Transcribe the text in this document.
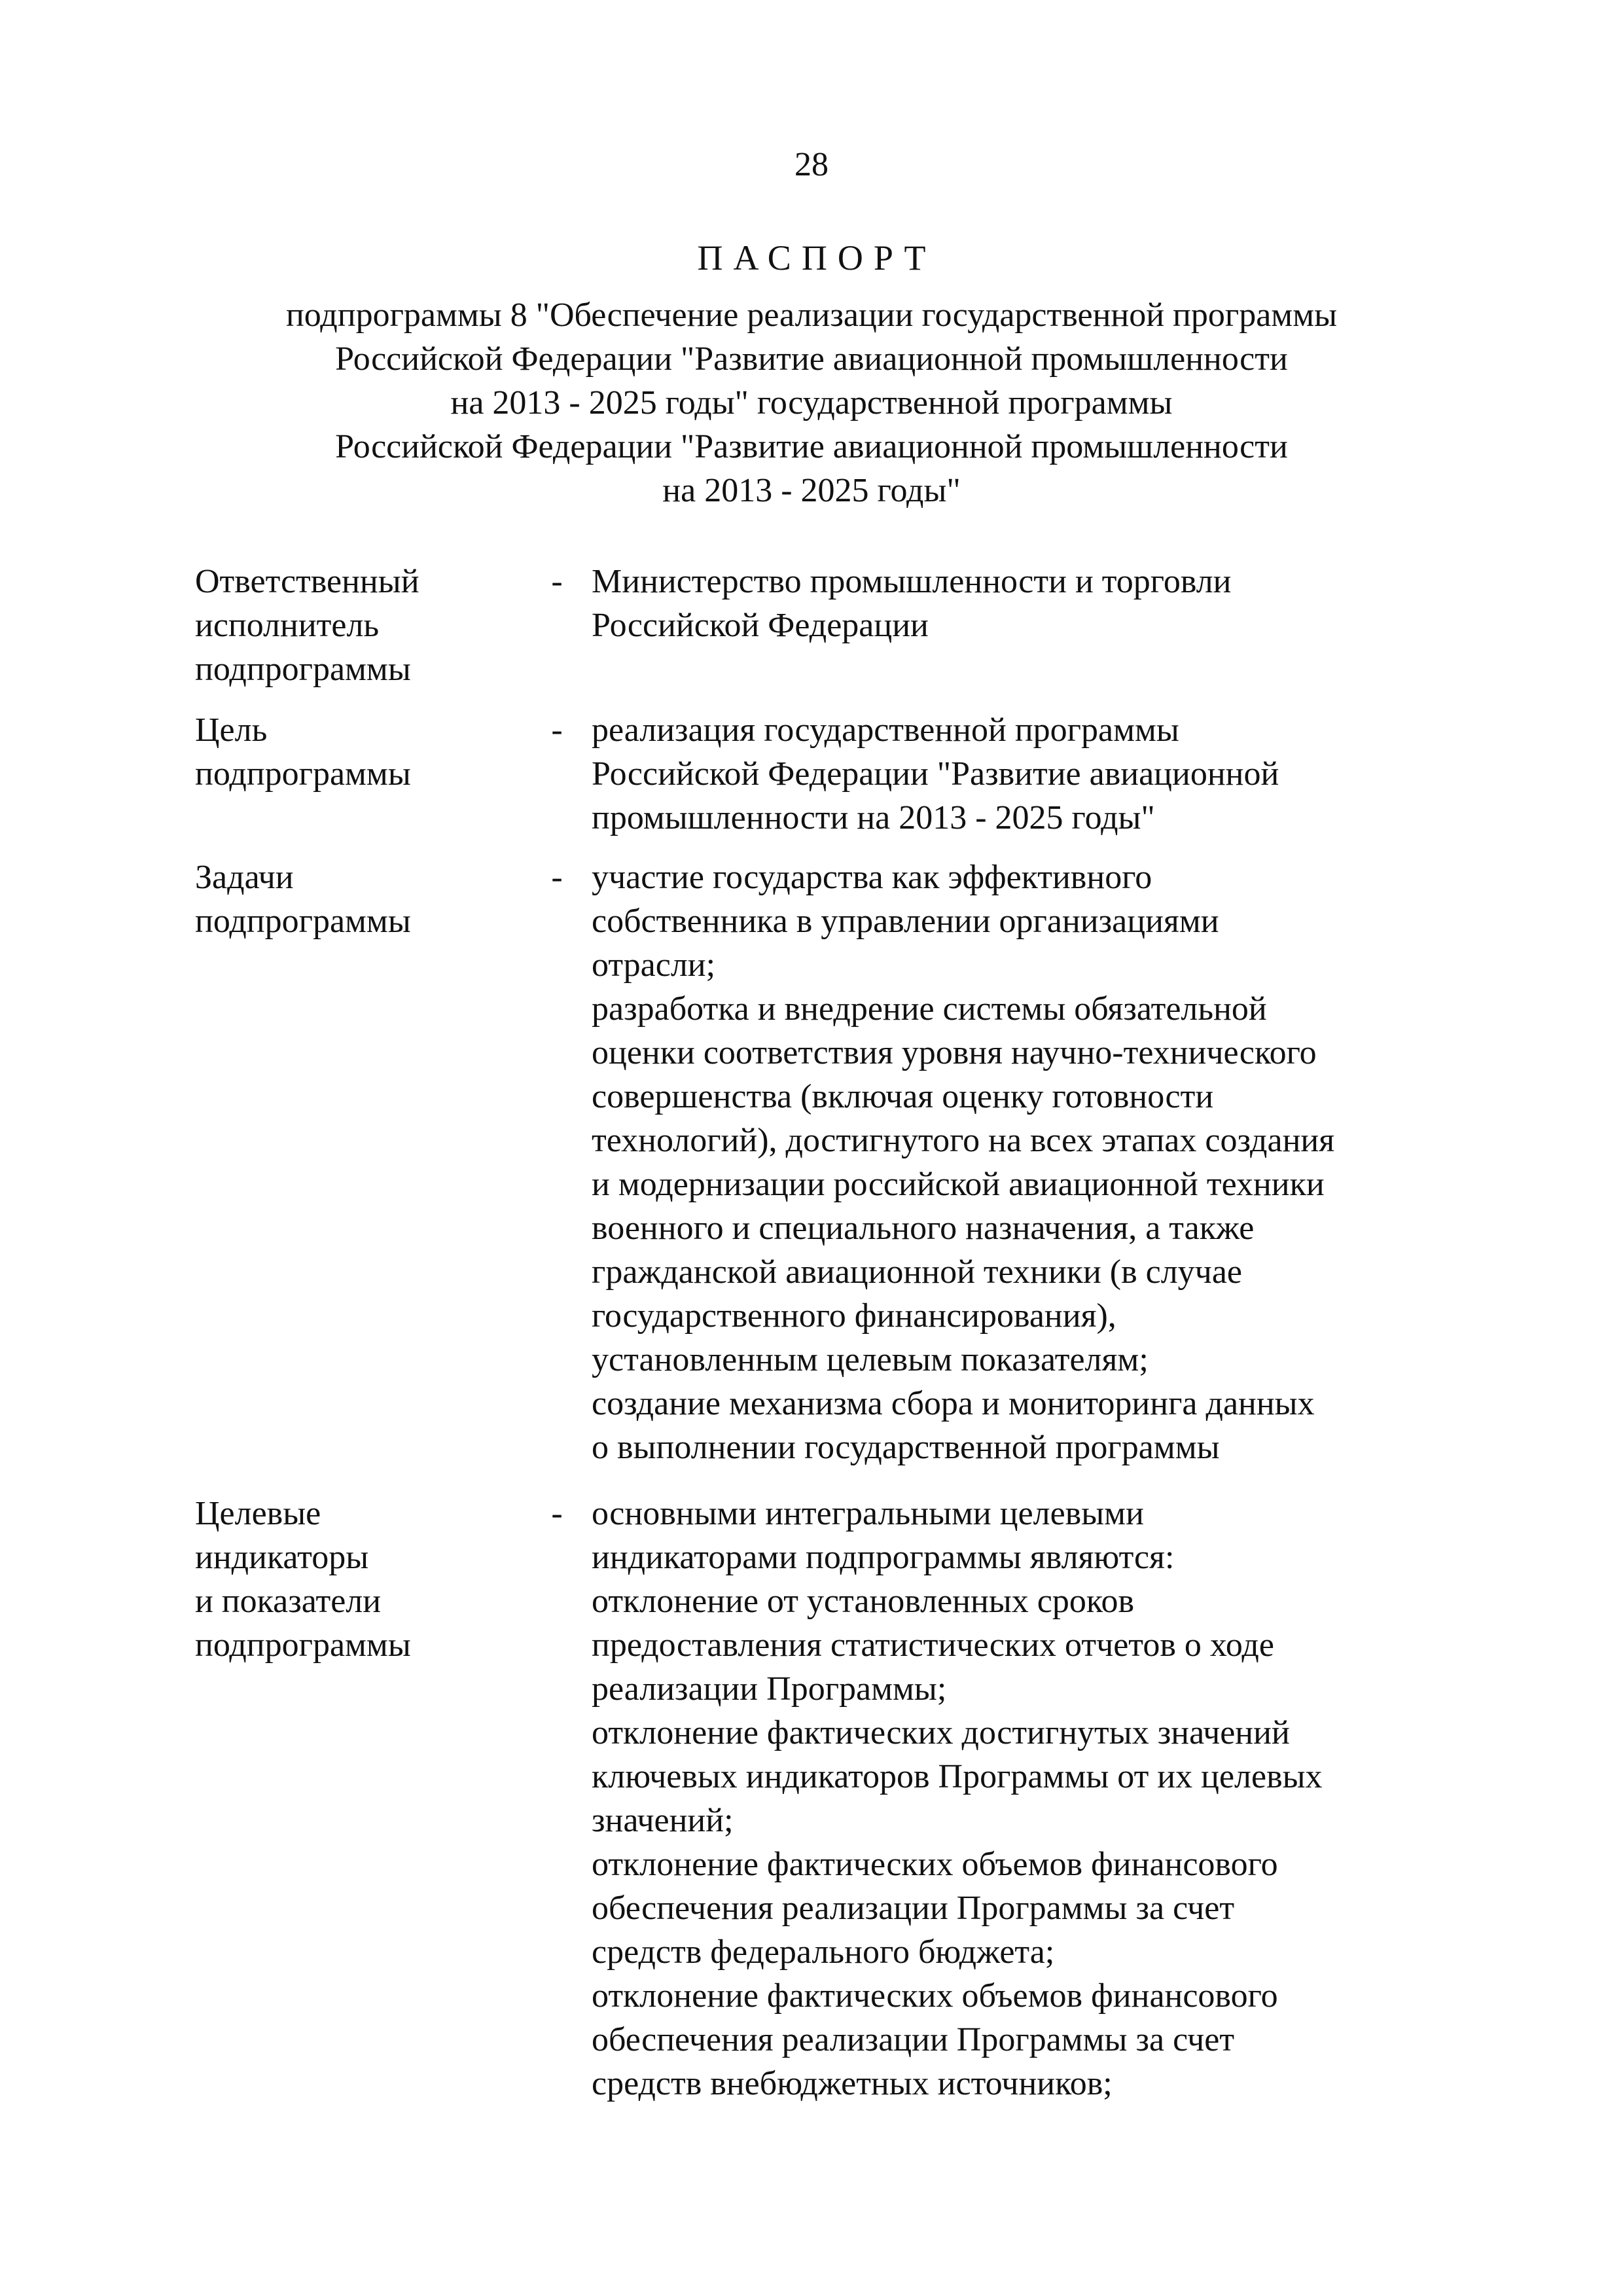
28
ПАСПОРТ
подпрограммы 8 "Обеспечение реализации государственной программы
Российской Федерации "Развитие авиационной промышленности
на 2013 - 2025 годы" государственной программы
Российской Федерации "Развитие авиационной промышленности
на 2013 - 2025 годы"
Ответственный
исполнитель
подпрограммы
- Министерство промышленности и торговли
Российской Федерации
Цель
подпрограммы
- реализация государственной программы
Российской Федерации "Развитие авиационной
промышленности на 2013 - 2025 годы"
Задачи
подпрограммы
- участие государства как эффективного
собственника в управлении организациями
отрасли;
разработка и внедрение системы обязательной
оценки соответствия уровня научно-технического
совершенства (включая оценку готовности
технологий), достигнутого на всех этапах создания
и модернизации российской авиационной техники
военного и специального назначения, а также
гражданской авиационной техники (в случае
государственного финансирования),
установленным целевым показателям;
создание механизма сбора и мониторинга данных
о выполнении государственной программы
Целевые
индикаторы
и показатели
подпрограммы
- основными интегральными целевыми
индикаторами подпрограммы являются:
отклонение от установленных сроков
предоставления статистических отчетов о ходе
реализации Программы;
отклонение фактических достигнутых значений
ключевых индикаторов Программы от их целевых
значений;
отклонение фактических объемов финансового
обеспечения реализации Программы за счет
средств федерального бюджета;
отклонение фактических объемов финансового
обеспечения реализации Программы за счет
средств внебюджетных источников;
